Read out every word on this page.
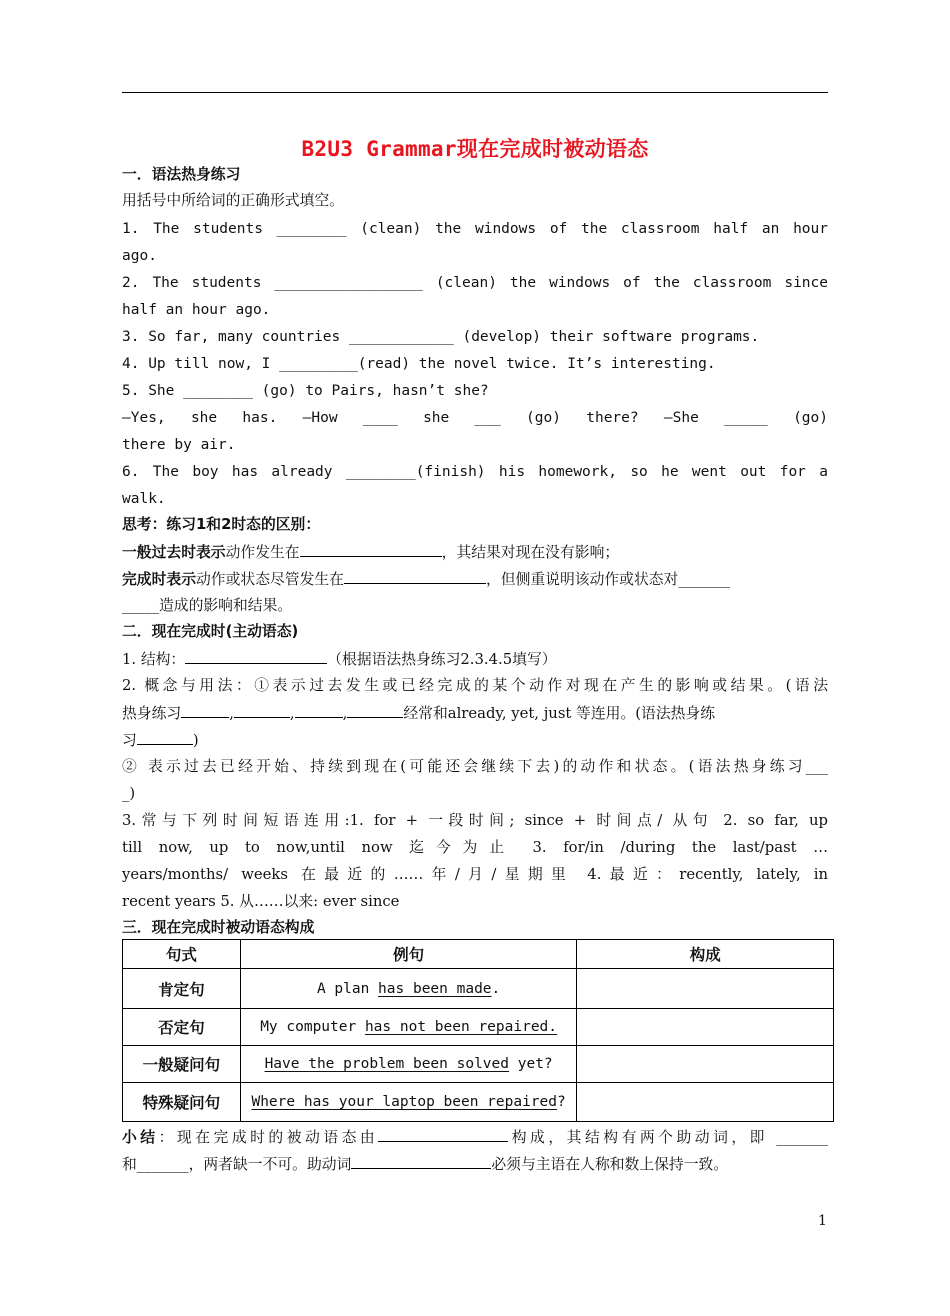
B2U3 Grammar现在完成时被动语态
一．语法热身练习
用括号中所给词的正确形式填空。
1. The students ________ (clean) the windows of the classroom half an hour
ago.
2. The students _________________ (clean) the windows of the classroom since
half an hour ago.
3. So far, many countries ____________ (develop) their software programs.
4. Up till now, I _________(read) the novel twice. It’s interesting.
5. She ________ (go) to Pairs, hasn’t she?
—Yes, she has. —How ____ she ___ (go) there? —She _____ (go)
there by air.
6. The boy has already ________(finish) his homework, so he went out for a
walk.
思考：练习1和2时态的区别：
一般过去时表示动作发生在	，其结果对现在没有影响；
完成时表示动作或状态尽管发生在	，但侧重说明该动作或状态对_______
_____造成的影响和结果。
二．现在完成时(主动语态)
1. 结构：	（根据语法热身练习2.3.4.5填写）
2. 概念与用法：①表示过去发生或已经完成的某个动作对现在产生的影响或结果。(语法
热身练习	,	,	,	经常和already, yet, just 等连用。(语法热身练
习	)
② 表示过去已经开始、持续到现在(可能还会继续下去)的动作和状态。(语法热身练习___
_)
3.常与下列时间短语连用:1. for + 一段时间; since + 时间点/ 从句 2. so far, up
till now, up to now,until now 迄今为止 3. for/in /during the last/past …
years/months/ weeks 在最近的……年/月/星期里 4.最近：recently, lately, in
recent years 5. 从……以来: ever since
三．现在完成时被动语态构成
句式	例句	构成
肯定句	A plan has been made.	
否定句	My computer has not been repaired.	
一般疑问句	Have the problem been solved yet?	
特殊疑问句	Where has your laptop been repaired?	
小结：现在完成时的被动语态由	构成，其结构有两个助动词，即 _______
和_______，两者缺一不可。助动词	必须与主语在人称和数上保持一致。
1
